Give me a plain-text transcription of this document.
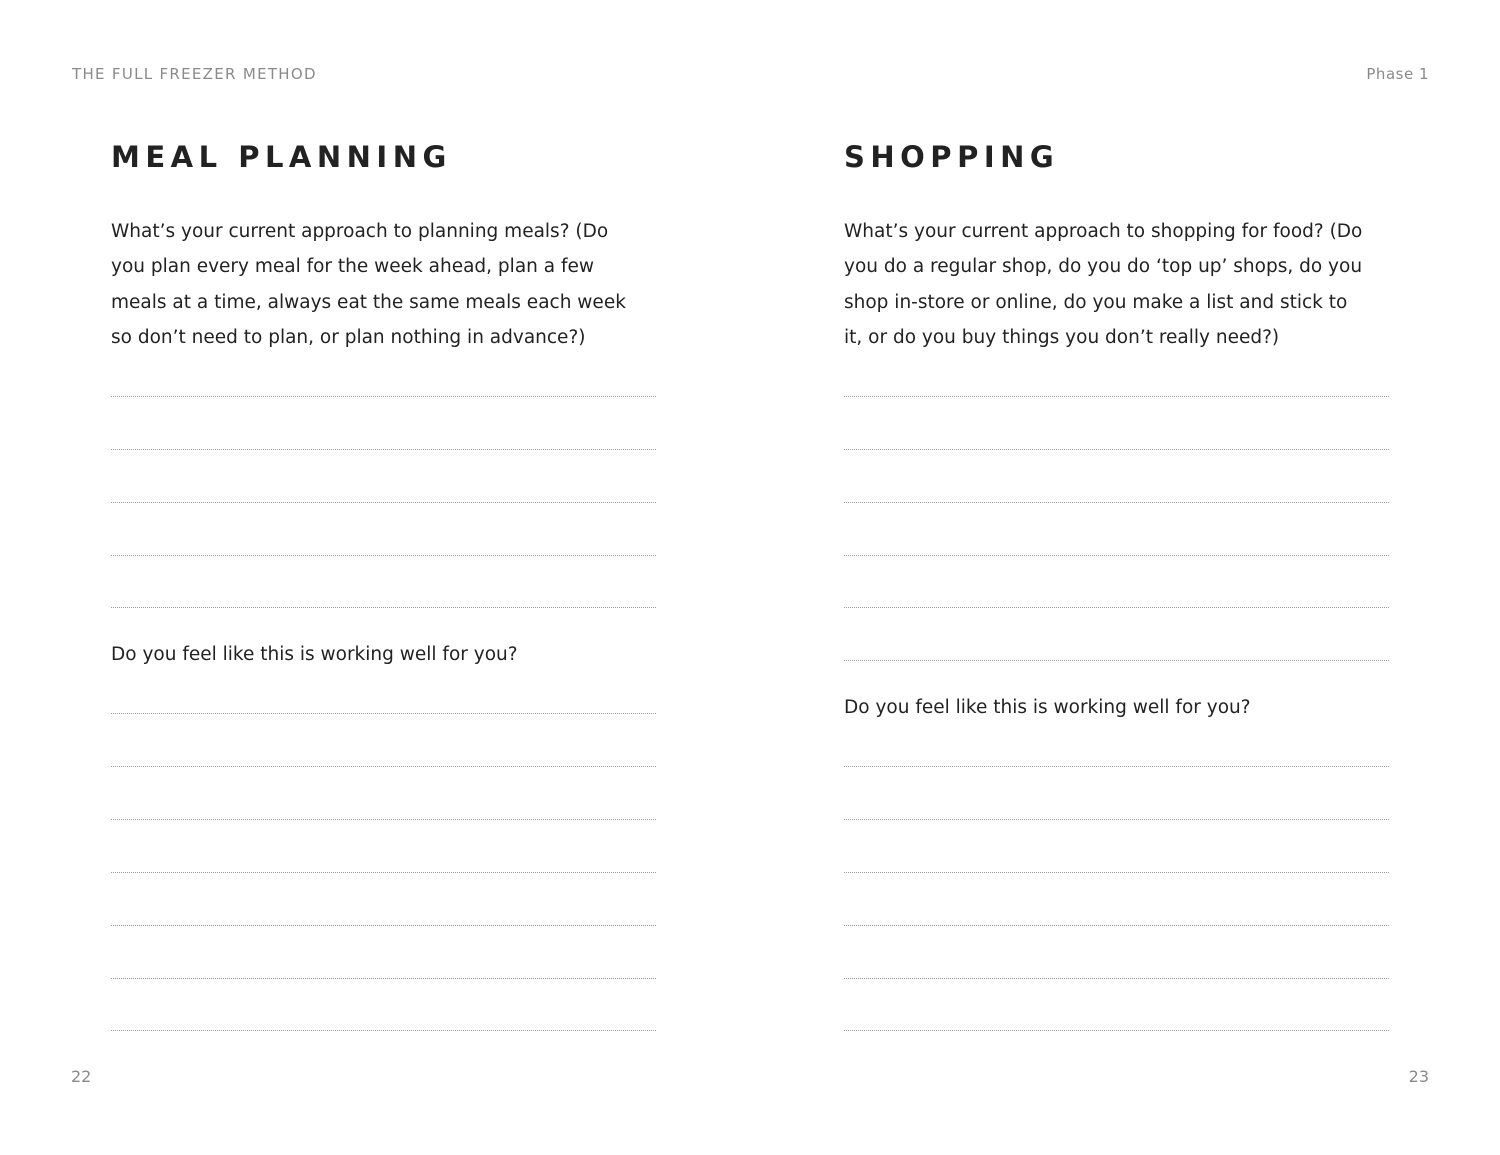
THE FULL FREEZER METHOD	Phase 1
MEAL PLANNING
What’s your current approach to planning meals? (Do
you plan every meal for the week ahead, plan a few
meals at a time, always eat the same meals each week
so don’t need to plan, or plan nothing in advance?)
Do you feel like this is working well for you?
SHOPPING
What’s your current approach to shopping for food? (Do
you do a regular shop, do you do ‘top up’ shops, do you
shop in-store or online, do you make a list and stick to
it, or do you buy things you don’t really need?)
Do you feel like this is working well for you?
22	23
